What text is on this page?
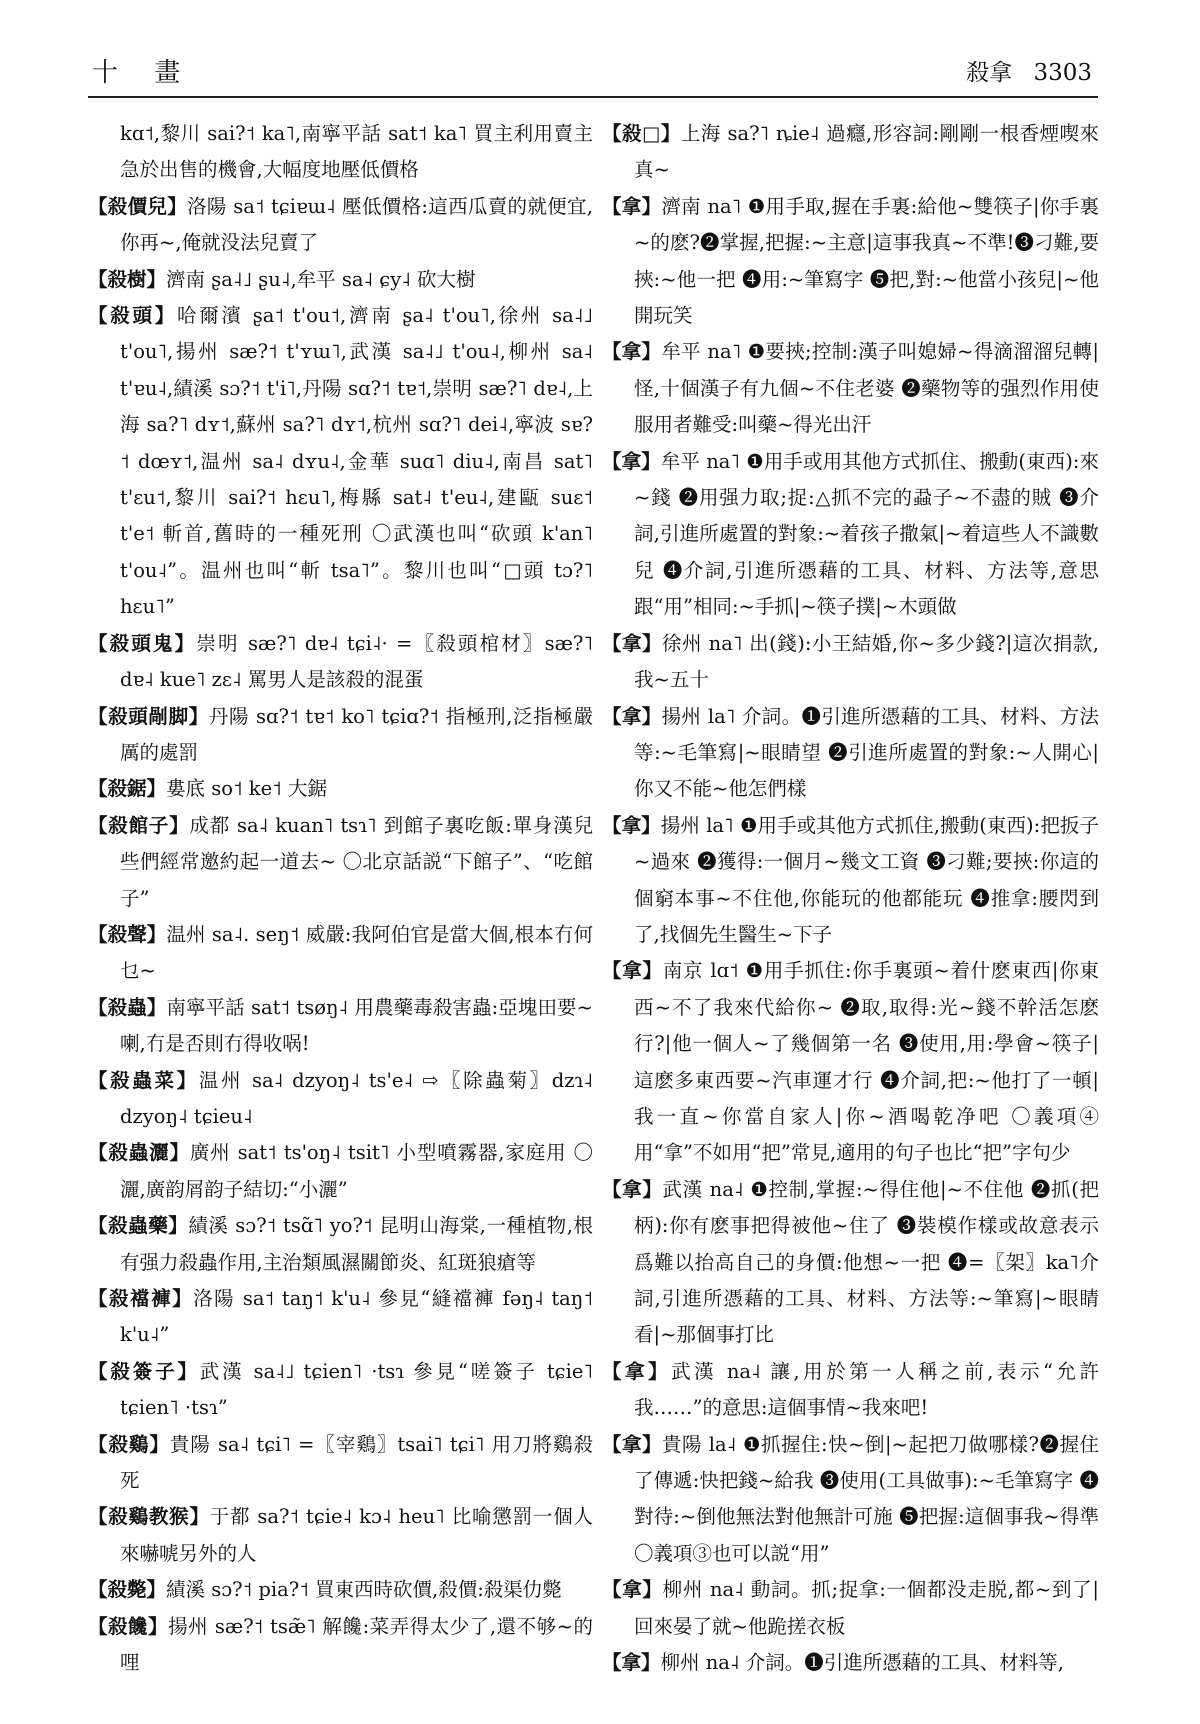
十 畫	殺拿 3303

kɑ˦,黎川 sai?˦ ka˥,南寧平話 sat˦ ka˥ 買主利用賣主急於出售的機會,大幅度地壓低價格

【殺價兒】洛陽 sa˦ tɕiɐɯ˨ 壓低價格:這西瓜賣的就便宜,你再~,俺就没法兒賣了

【殺樹】濟南 ʂa˨˩ ʂu˨,牟平 sa˨ ɕy˨ 砍大樹

【殺頭】哈爾濱 ʂa˦ t'ou˦,濟南 ʂa˨ t'ou˥,徐州 sa˨˩ t'ou˥,揚州 sæ?˦ t'ʏɯ˥,武漢 sa˨˩ t'ou˨,柳州 sa˨ t'ɐu˨,績溪 sɔ?˦ t'i˥,丹陽 sɑ?˦ tɐ˦,崇明 sæ?˥ dɐ˨,上海 sa?˥ dʏ˦,蘇州 sa?˥ dʏ˦,杭州 sɑ?˥ dei˨,寧波 sɐ?˦ dœʏ˦,温州 sa˨ dʏu˨,金華 suɑ˥ diu˨,南昌 sat˥ t'ɛu˦,黎川 sai?˦ hɛu˥,梅縣 sat˨ t'eu˨,建甌 suɛ˦ t'e˦ 斬首,舊時的一種死刑 〇武漢也叫“砍頭 k'an˥ t'ou˨”。温州也叫“斬 tsa˥”。黎川也叫“□頭 tɔ?˥ hɛu˥”

【殺頭鬼】崇明 sæ?˥ dɐ˨ tɕi˨· =〖殺頭棺材〗sæ?˥ dɐ˨ kue˥ zɛ˨ 罵男人是該殺的混蛋

【殺頭剮脚】丹陽 sɑ?˦ tɐ˦ ko˥ tɕiɑ?˦ 指極刑,泛指極嚴厲的處罰

【殺鋸】婁底 so˦ ke˦ 大鋸

【殺館子】成都 sa˨ kuan˥ tsɿ˥ 到館子裏吃飯:單身漢兒些們經常邀約起一道去~ 〇北京話説“下館子”、“吃館子”

【殺聲】温州 sa˨. seŋ˦ 威嚴:我阿伯官是當大個,根本冇何乜~

【殺蟲】南寧平話 sat˦ tsøŋ˨ 用農藥毒殺害蟲:亞塊田要~喇,冇是否則冇得收㖞!

【殺蟲菜】温州 sa˨ dzyoŋ˨ ts'e˨ ⇨〖除蟲菊〗dzɿ˨ dzyoŋ˨ tɕieu˨

【殺蟲灑】廣州 sat˦ ts'oŋ˨ tsit˥ 小型噴霧器,家庭用 〇灑,廣韵屑韵子結切:“小灑”

【殺蟲藥】績溪 sɔ?˦ tsɑ̃˥ yo?˦ 昆明山海棠,一種植物,根有强力殺蟲作用,主治類風濕關節炎、紅斑狼瘡等

【殺襠褲】洛陽 sa˦ taŋ˦ k'u˨ 參見“縫襠褲 fəŋ˨ taŋ˦ k'u˨”

【殺簽子】武漢 sa˨˩ tɕien˥ ·tsɿ 參見“嗟簽子 tɕie˥ tɕien˥ ·tsɿ”

【殺鷄】貴陽 sa˨ tɕi˥ =〖宰鷄〗tsai˥ tɕi˥ 用刀將鷄殺死

【殺鷄教猴】于都 sa?˦ tɕie˨ kɔ˨ heu˥ 比喻懲罰一個人來嚇唬另外的人

【殺斃】績溪 sɔ?˦ pia?˦ 買東西時砍價,殺價:殺渠仂斃

【殺饞】揚州 sæ?˦ tsæ̃˥ 解饞:菜弄得太少了,還不够~的哩

【殺□】上海 sa?˥ ȵie˨ 過癮,形容詞:剛剛一根香煙喫來真~

【拿】濟南 na˥ ❶用手取,握在手裏:給他~雙筷子|你手裏~的麽?❷掌握,把握:~主意|這事我真~不準!❸刁難,要挾:~他一把 ❹用:~筆寫字 ❺把,對:~他當小孩兒|~他開玩笑

【拿】牟平 na˥ ❶要挾;控制:漢子叫媳婦~得滴溜溜兒轉|怪,十個漢子有九個~不住老婆 ❷藥物等的强烈作用使服用者難受:叫藥~得光出汗

【拿】牟平 na˥ ❶用手或用其他方式抓住、搬動(東西):來~錢 ❷用强力取;捉:△抓不完的蝨子~不盡的賊 ❸介詞,引進所處置的對象:~着孩子撒氣|~着這些人不識數兒 ❹介詞,引進所憑藉的工具、材料、方法等,意思跟“用”相同:~手抓|~筷子撲|~木頭做

【拿】徐州 na˥ 出(錢):小王結婚,你~多少錢?|這次捐款,我~五十

【拿】揚州 la˥ 介詞。❶引進所憑藉的工具、材料、方法等:~毛筆寫|~眼睛望 ❷引進所處置的對象:~人開心|你又不能~他怎們樣

【拿】揚州 la˥ ❶用手或其他方式抓住,搬動(東西):把扳子~過來 ❷獲得:一個月~幾文工資 ❸刁難;要挾:你這的個窮本事~不住他,你能玩的他都能玩 ❹推拿:腰閃到了,找個先生醫生~下子

【拿】南京 lɑ˦ ❶用手抓住:你手裏頭~着什麽東西|你東西~不了我來代給你~ ❷取,取得:光~錢不幹活怎麽行?|他一個人~了幾個第一名 ❸使用,用:學會~筷子|這麽多東西要~汽車運才行 ❹介詞,把:~他打了一頓|我一直~你當自家人|你~酒喝乾净吧 〇義項④用“拿”不如用“把”常見,適用的句子也比“把”字句少

【拿】武漢 na˨ ❶控制,掌握:~得住他|~不住他 ❷抓(把柄):你有麽事把得被他~住了 ❸裝模作樣或故意表示爲難以抬高自己的身價:他想~一把 ❹=〖架〗ka˥介詞,引進所憑藉的工具、材料、方法等:~筆寫|~眼睛看|~那個事打比

【拿】武漢 na˨ 讓,用於第一人稱之前,表示“允許我……”的意思:這個事情~我來吧!

【拿】貴陽 la˨ ❶抓握住:快~倒|~起把刀做哪樣?❷握住了傳遞:快把錢~給我 ❸使用(工具做事):~毛筆寫字 ❹對待:~倒他無法對他無計可施 ❺把握:這個事我~得準 〇義項③也可以説“用”

【拿】柳州 na˨ 動詞。抓;捉拿:一個都没走脱,都~到了|回來晏了就~他跪搓衣板

【拿】柳州 na˨ 介詞。❶引進所憑藉的工具、材料等,
